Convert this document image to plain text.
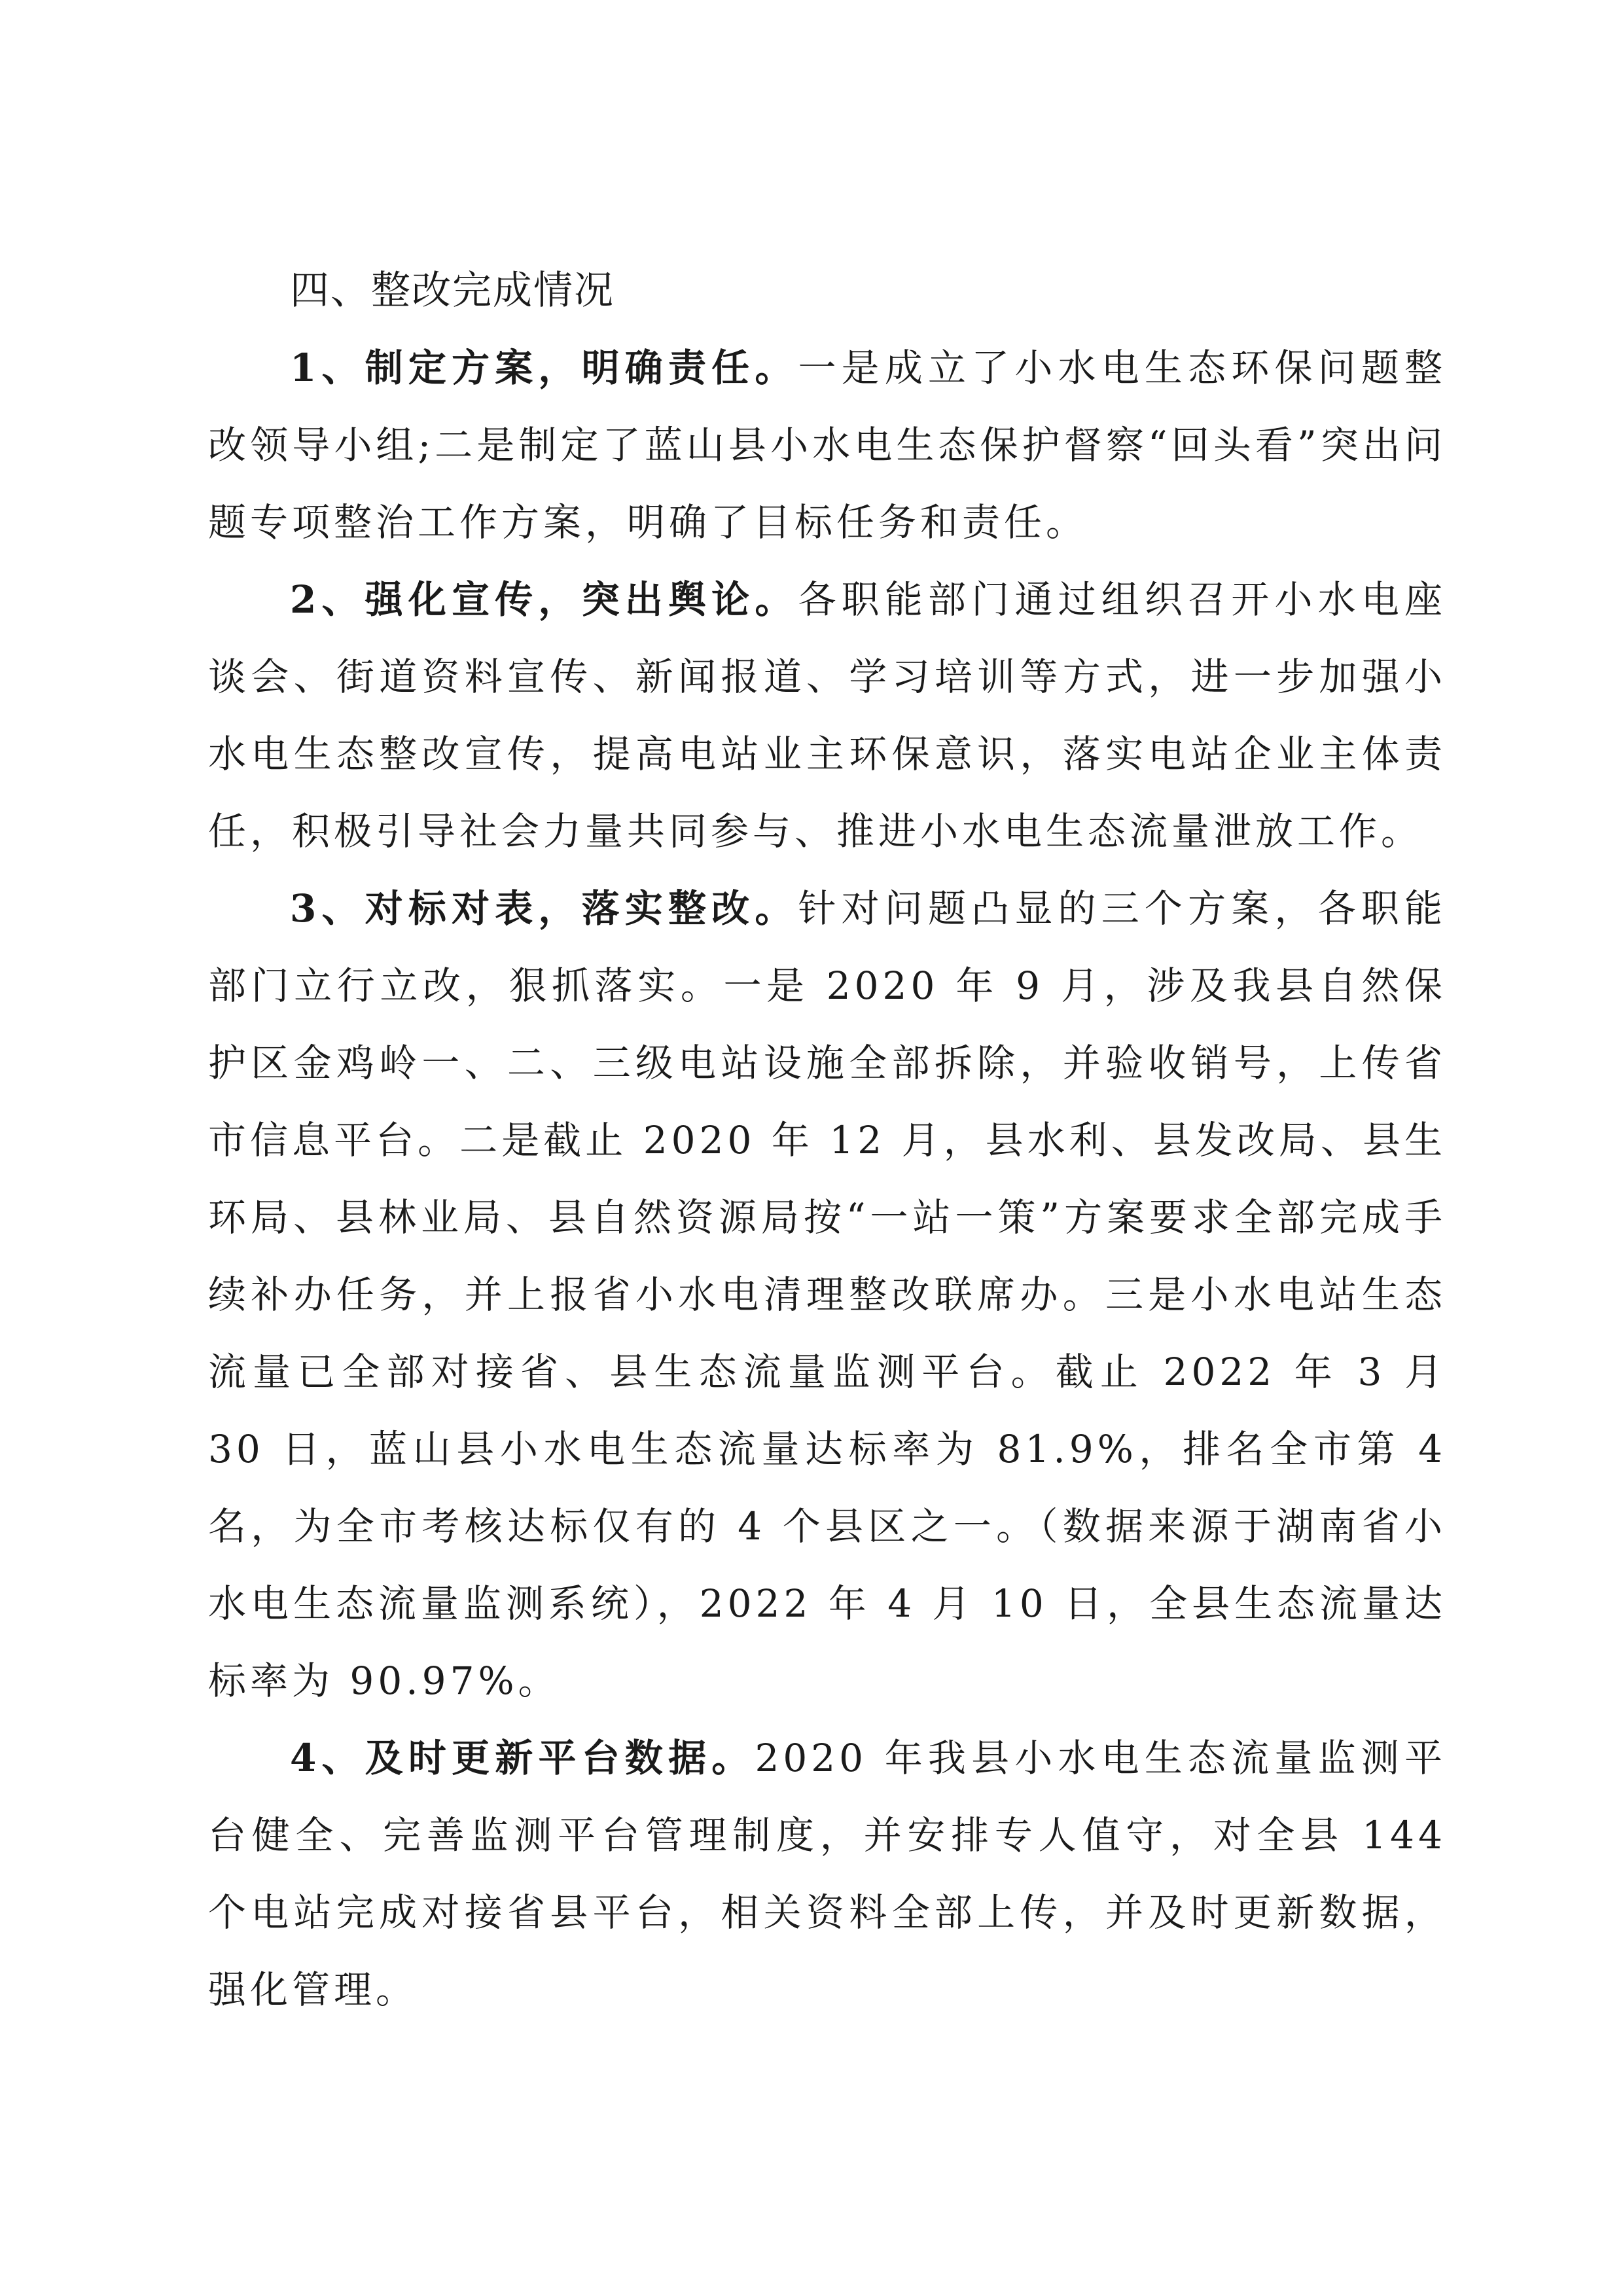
四、整改完成情况

1、制定方案，明确责任。一是成立了小水电生态环保问题整改领导小组;二是制定了蓝山县小水电生态保护督察“回头看”突出问题专项整治工作方案，明确了目标任务和责任。

2、强化宣传，突出舆论。各职能部门通过组织召开小水电座谈会、街道资料宣传、新闻报道、学习培训等方式，进一步加强小水电生态整改宣传，提高电站业主环保意识，落实电站企业主体责任，积极引导社会力量共同参与、推进小水电生态流量泄放工作。

3、对标对表，落实整改。针对问题凸显的三个方案，各职能部门立行立改，狠抓落实。一是 2020 年 9 月，涉及我县自然保护区金鸡岭一、二、三级电站设施全部拆除，并验收销号，上传省市信息平台。二是截止 2020 年 12 月，县水利、县发改局、县生环局、县林业局、县自然资源局按“一站一策”方案要求全部完成手续补办任务，并上报省小水电清理整改联席办。三是小水电站生态流量已全部对接省、县生态流量监测平台。截止 2022 年 3 月 30 日，蓝山县小水电生态流量达标率为 81.9%，排名全市第 4 名，为全市考核达标仅有的 4 个县区之一。（数据来源于湖南省小水电生态流量监测系统），2022 年 4 月 10 日，全县生态流量达标率为 90.97%。

4、及时更新平台数据。2020 年我县小水电生态流量监测平台健全、完善监测平台管理制度，并安排专人值守，对全县 144 个电站完成对接省县平台，相关资料全部上传，并及时更新数据，强化管理。
